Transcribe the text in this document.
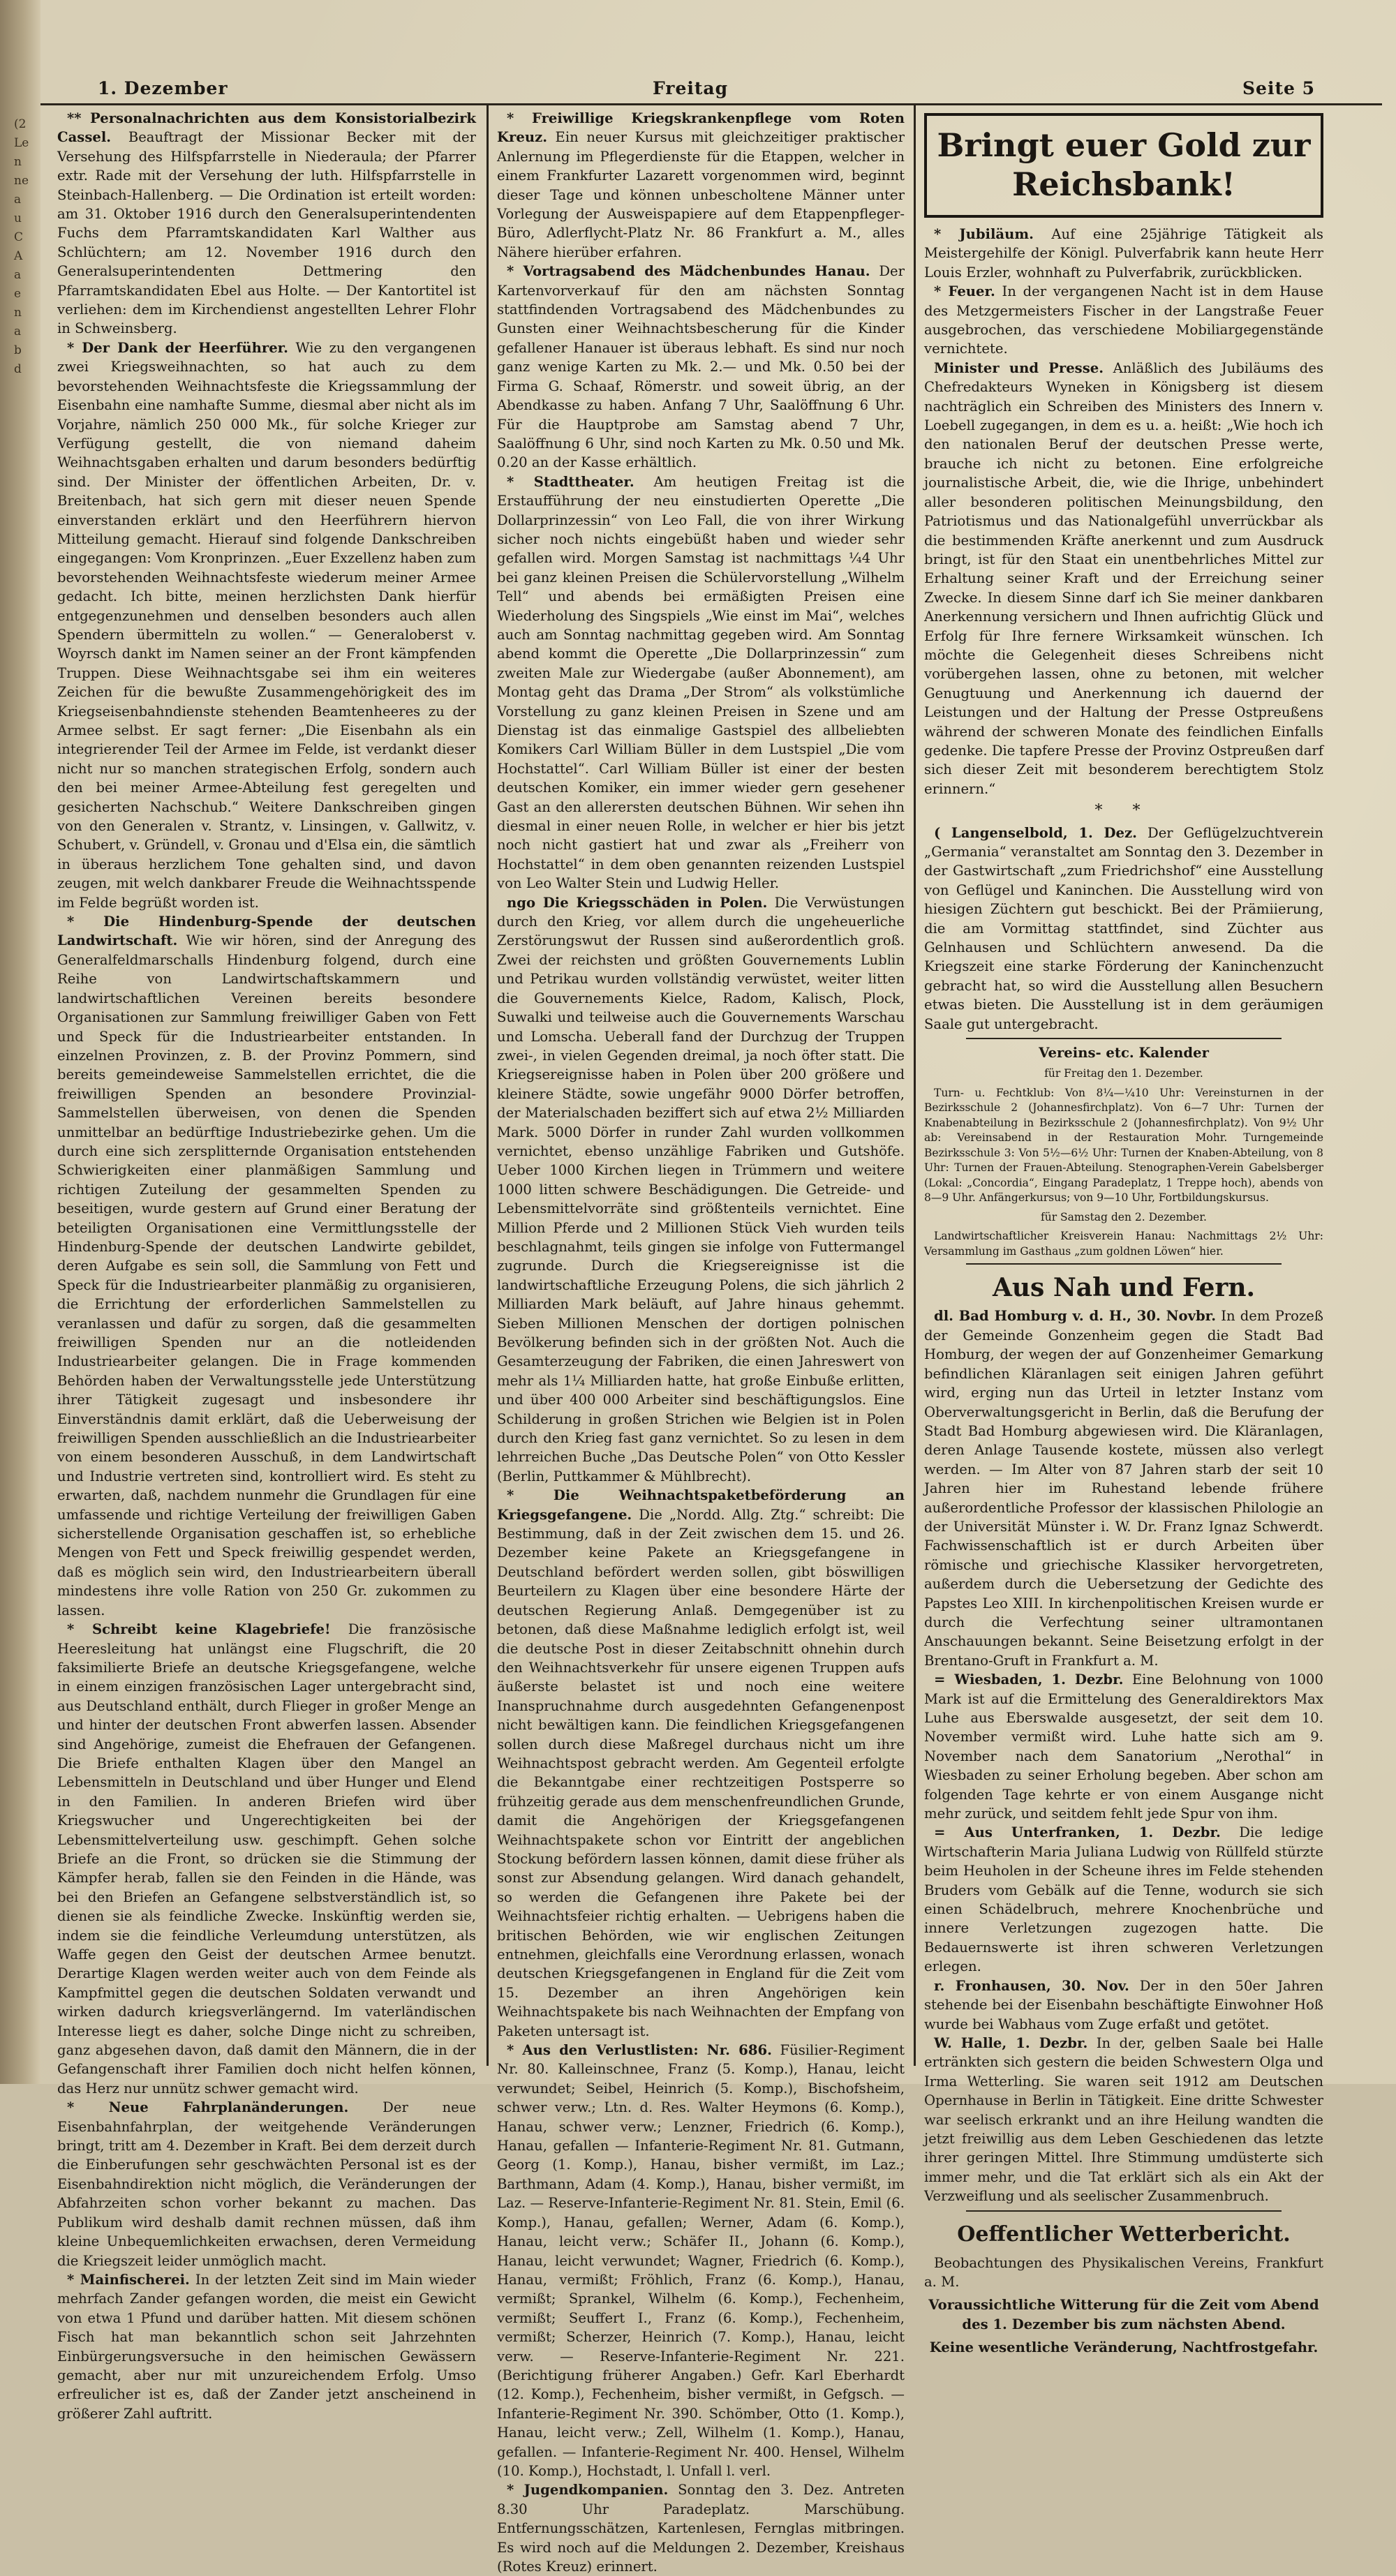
1. Dezember	Freitag	Seite 5

** Personalnachrichten aus dem Konsistorialbezirk Cassel. Beauftragt der Missionar Becker mit der Versehung des Hilfspfarrstelle in Niederaula; der Pfarrer extr. Rade mit der Versehung der luth. Hilfspfarrstelle in Steinbach-Hallenberg. — Die Ordination ist erteilt worden: am 31. Oktober 1916 durch den Generalsuperintendenten Fuchs dem Pfarramtskandidaten Karl Walther aus Schlüchtern; am 12. November 1916 durch den Generalsuperintendenten Dettmering den Pfarramtskandidaten Ebel aus Holte. — Der Kantortitel ist verliehen: dem im Kirchendienst angestellten Lehrer Flohr in Schweinsberg.

* Der Dank der Heerführer. Wie zu den vergangenen zwei Kriegsweihnachten, so hat auch zu dem bevorstehenden Weihnachtsfeste die Kriegssammlung der Eisenbahn eine namhafte Summe, diesmal aber nicht als im Vorjahre, nämlich 250 000 Mk., für solche Krieger zur Verfügung gestellt, die von niemand daheim Weihnachtsgaben erhalten und darum besonders bedürftig sind. Der Minister der öffentlichen Arbeiten, Dr. v. Breitenbach, hat sich gern mit dieser neuen Spende einverstanden erklärt und den Heerführern hiervon Mitteilung gemacht. Hierauf sind folgende Dankschreiben eingegangen: Vom Kronprinzen. „Euer Exzellenz haben zum bevorstehenden Weihnachtsfeste wiederum meiner Armee gedacht. Ich bitte, meinen herzlichsten Dank hierfür entgegenzunehmen und denselben besonders auch allen Spendern übermitteln zu wollen.“ — Generaloberst v. Woyrsch dankt im Namen seiner an der Front kämpfenden Truppen. Diese Weihnachtsgabe sei ihm ein weiteres Zeichen für die bewußte Zusammengehörigkeit des im Kriegseisenbahndienste stehenden Beamtenheeres zu der Armee selbst. Er sagt ferner: „Die Eisenbahn als ein integrierender Teil der Armee im Felde, ist verdankt dieser nicht nur so manchen strategischen Erfolg, sondern auch den bei meiner Armee-Abteilung fest geregelten und gesicherten Nachschub.“ Weitere Dankschreiben gingen von den Generalen v. Strantz, v. Linsingen, v. Gallwitz, v. Schubert, v. Gründell, v. Gronau und d'Elsa ein, die sämtlich in überaus herzlichem Tone gehalten sind, und davon zeugen, mit welch dankbarer Freude die Weihnachtsspende im Felde begrüßt worden ist.

* Die Hindenburg-Spende der deutschen Landwirtschaft. Wie wir hören, sind der Anregung des Generalfeldmarschalls Hindenburg folgend, durch eine Reihe von Landwirtschaftskammern und landwirtschaftlichen Vereinen bereits besondere Organisationen zur Sammlung freiwilliger Gaben von Fett und Speck für die Industriearbeiter entstanden. In einzelnen Provinzen, z. B. der Provinz Pommern, sind bereits gemeindeweise Sammelstellen errichtet, die die freiwilligen Spenden an besondere Provinzial-Sammelstellen überweisen, von denen die Spenden unmittelbar an bedürftige Industriebezirke gehen. Um die durch eine sich zersplitternde Organisation entstehenden Schwierigkeiten einer planmäßigen Sammlung und richtigen Zuteilung der gesammelten Spenden zu beseitigen, wurde gestern auf Grund einer Beratung der beteiligten Organisationen eine Vermittlungsstelle der Hindenburg-Spende der deutschen Landwirte gebildet, deren Aufgabe es sein soll, die Sammlung von Fett und Speck für die Industriearbeiter planmäßig zu organisieren, die Errichtung der erforderlichen Sammelstellen zu veranlassen und dafür zu sorgen, daß die gesammelten freiwilligen Spenden nur an die notleidenden Industriearbeiter gelangen. Die in Frage kommenden Behörden haben der Verwaltungsstelle jede Unterstützung ihrer Tätigkeit zugesagt und insbesondere ihr Einverständnis damit erklärt, daß die Ueberweisung der freiwilligen Spenden ausschließlich an die Industriearbeiter von einem besonderen Ausschuß, in dem Landwirtschaft und Industrie vertreten sind, kontrolliert wird. Es steht zu erwarten, daß, nachdem nunmehr die Grundlagen für eine umfassende und richtige Verteilung der freiwilligen Gaben sicherstellende Organisation geschaffen ist, so erhebliche Mengen von Fett und Speck freiwillig gespendet werden, daß es möglich sein wird, den Industriearbeitern überall mindestens ihre volle Ration von 250 Gr. zukommen zu lassen.

* Schreibt keine Klagebriefe! Die französische Heeresleitung hat unlängst eine Flugschrift, die 20 faksimilierte Briefe an deutsche Kriegsgefangene, welche in einem einzigen französischen Lager untergebracht sind, aus Deutschland enthält, durch Flieger in großer Menge an und hinter der deutschen Front abwerfen lassen. Absender sind Angehörige, zumeist die Ehefrauen der Gefangenen. Die Briefe enthalten Klagen über den Mangel an Lebensmitteln in Deutschland und über Hunger und Elend in den Familien. In anderen Briefen wird über Kriegswucher und Ungerechtigkeiten bei der Lebensmittelverteilung usw. geschimpft. Gehen solche Briefe an die Front, so drücken sie die Stimmung der Kämpfer herab, fallen sie den Feinden in die Hände, was bei den Briefen an Gefangene selbstverständlich ist, so dienen sie als feindliche Zwecke. Inskünftig werden sie, indem sie die feindliche Verleumdung unterstützen, als Waffe gegen den Geist der deutschen Armee benutzt. Derartige Klagen werden weiter auch von dem Feinde als Kampfmittel gegen die deutschen Soldaten verwandt und wirken dadurch kriegsverlängernd. Im vaterländischen Interesse liegt es daher, solche Dinge nicht zu schreiben, ganz abgesehen davon, daß damit den Männern, die in der Gefangenschaft ihrer Familien doch nicht helfen können, das Herz nur unnütz schwer gemacht wird.

* Neue Fahrplanänderungen. Der neue Eisenbahnfahrplan, der weitgehende Veränderungen bringt, tritt am 4. Dezember in Kraft. Bei dem derzeit durch die Einberufungen sehr geschwächten Personal ist es der Eisenbahndirektion nicht möglich, die Veränderungen der Abfahrzeiten schon vorher bekannt zu machen. Das Publikum wird deshalb damit rechnen müssen, daß ihm kleine Unbequemlichkeiten erwachsen, deren Vermeidung die Kriegszeit leider unmöglich macht.

* Mainfischerei. In der letzten Zeit sind im Main wieder mehrfach Zander gefangen worden, die meist ein Gewicht von etwa 1 Pfund und darüber hatten. Mit diesem schönen Fisch hat man bekanntlich schon seit Jahrzehnten Einbürgerungsversuche in den heimischen Gewässern gemacht, aber nur mit unzureichendem Erfolg. Umso erfreulicher ist es, daß der Zander jetzt anscheinend in größerer Zahl auftritt.

* Freiwillige Kriegskrankenpflege vom Roten Kreuz. Ein neuer Kursus mit gleichzeitiger praktischer Anlernung im Pflegerdienste für die Etappen, welcher in einem Frankfurter Lazarett vorgenommen wird, beginnt dieser Tage und können unbescholtene Männer unter Vorlegung der Ausweispapiere auf dem Etappenpfleger-Büro, Adlerflycht-Platz Nr. 86 Frankfurt a. M., alles Nähere hierüber erfahren.

* Vortragsabend des Mädchenbundes Hanau. Der Kartenvorverkauf für den am nächsten Sonntag stattfindenden Vortragsabend des Mädchenbundes zu Gunsten einer Weihnachtsbescherung für die Kinder gefallener Hanauer ist überaus lebhaft. Es sind nur noch ganz wenige Karten zu Mk. 2.— und Mk. 0.50 bei der Firma G. Schaaf, Römerstr. und soweit übrig, an der Abendkasse zu haben. Anfang 7 Uhr, Saalöffnung 6 Uhr. Für die Hauptprobe am Samstag abend 7 Uhr, Saalöffnung 6 Uhr, sind noch Karten zu Mk. 0.50 und Mk. 0.20 an der Kasse erhältlich.

* Stadttheater. Am heutigen Freitag ist die Erstaufführung der neu einstudierten Operette „Die Dollarprinzessin“ von Leo Fall, die von ihrer Wirkung sicher noch nichts eingebüßt haben und wieder sehr gefallen wird. Morgen Samstag ist nachmittags ¼4 Uhr bei ganz kleinen Preisen die Schülervorstellung „Wilhelm Tell“ und abends bei ermäßigten Preisen eine Wiederholung des Singspiels „Wie einst im Mai“, welches auch am Sonntag nachmittag gegeben wird. Am Sonntag abend kommt die Operette „Die Dollarprinzessin“ zum zweiten Male zur Wiedergabe (außer Abonnement), am Montag geht das Drama „Der Strom“ als volkstümliche Vorstellung zu ganz kleinen Preisen in Szene und am Dienstag ist das einmalige Gastspiel des allbeliebten Komikers Carl William Büller in dem Lustspiel „Die vom Hochstattel“. Carl William Büller ist einer der besten deutschen Komiker, ein immer wieder gern gesehener Gast an den allerersten deutschen Bühnen. Wir sehen ihn diesmal in einer neuen Rolle, in welcher er hier bis jetzt noch nicht gastiert hat und zwar als „Freiherr von Hochstattel“ in dem oben genannten reizenden Lustspiel von Leo Walter Stein und Ludwig Heller.

ngo Die Kriegsschäden in Polen. Die Verwüstungen durch den Krieg, vor allem durch die ungeheuerliche Zerstörungswut der Russen sind außerordentlich groß. Zwei der reichsten und größten Gouvernements Lublin und Petrikau wurden vollständig verwüstet, weiter litten die Gouvernements Kielce, Radom, Kalisch, Plock, Suwalki und teilweise auch die Gouvernements Warschau und Lomscha. Ueberall fand der Durchzug der Truppen zwei-, in vielen Gegenden dreimal, ja noch öfter statt. Die Kriegsereignisse haben in Polen über 200 größere und kleinere Städte, sowie ungefähr 9000 Dörfer betroffen, der Materialschaden beziffert sich auf etwa 2½ Milliarden Mark. 5000 Dörfer in runder Zahl wurden vollkommen vernichtet, ebenso unzählige Fabriken und Gutshöfe. Ueber 1000 Kirchen liegen in Trümmern und weitere 1000 litten schwere Beschädigungen. Die Getreide- und Lebensmittelvorräte sind größtenteils vernichtet. Eine Million Pferde und 2 Millionen Stück Vieh wurden teils beschlagnahmt, teils gingen sie infolge von Futtermangel zugrunde. Durch die Kriegsereignisse ist die landwirtschaftliche Erzeugung Polens, die sich jährlich 2 Milliarden Mark beläuft, auf Jahre hinaus gehemmt. Sieben Millionen Menschen der dortigen polnischen Bevölkerung befinden sich in der größten Not. Auch die Gesamterzeugung der Fabriken, die einen Jahreswert von mehr als 1¼ Milliarden hatte, hat große Einbuße erlitten, und über 400 000 Arbeiter sind beschäftigungslos. Eine Schilderung in großen Strichen wie Belgien ist in Polen durch den Krieg fast ganz vernichtet. So zu lesen in dem lehrreichen Buche „Das Deutsche Polen“ von Otto Kessler (Berlin, Puttkammer & Mühlbrecht).

* Die Weihnachtspaketbeförderung an Kriegsgefangene. Die „Nordd. Allg. Ztg.“ schreibt: Die Bestimmung, daß in der Zeit zwischen dem 15. und 26. Dezember keine Pakete an Kriegsgefangene in Deutschland befördert werden sollen, gibt böswilligen Beurteilern zu Klagen über eine besondere Härte der deutschen Regierung Anlaß. Demgegenüber ist zu betonen, daß diese Maßnahme lediglich erfolgt ist, weil die deutsche Post in dieser Zeitabschnitt ohnehin durch den Weihnachtsverkehr für unsere eigenen Truppen aufs äußerste belastet ist und noch eine weitere Inanspruchnahme durch ausgedehnten Gefangenenpost nicht bewältigen kann. Die feindlichen Kriegsgefangenen sollen durch diese Maßregel durchaus nicht um ihre Weihnachtspost gebracht werden. Am Gegenteil erfolgte die Bekanntgabe einer rechtzeitigen Postsperre so frühzeitig gerade aus dem menschenfreundlichen Grunde, damit die Angehörigen der Kriegsgefangenen Weihnachtspakete schon vor Eintritt der angeblichen Stockung befördern lassen können, damit diese früher als sonst zur Absendung gelangen. Wird danach gehandelt, so werden die Gefangenen ihre Pakete bei der Weihnachtsfeier richtig erhalten. — Uebrigens haben die britischen Behörden, wie wir englischen Zeitungen entnehmen, gleichfalls eine Verordnung erlassen, wonach deutschen Kriegsgefangenen in England für die Zeit vom 15. Dezember an ihren Angehörigen kein Weihnachtspakete bis nach Weihnachten der Empfang von Paketen untersagt ist.

* Aus den Verlustlisten: Nr. 686. Füsilier-Regiment Nr. 80. Kalleinschnee, Franz (5. Komp.), Hanau, leicht verwundet; Seibel, Heinrich (5. Komp.), Bischofsheim, schwer verw.; Ltn. d. Res. Walter Heymons (6. Komp.), Hanau, schwer verw.; Lenzner, Friedrich (6. Komp.), Hanau, gefallen — Infanterie-Regiment Nr. 81. Gutmann, Georg (1. Komp.), Hanau, bisher vermißt, im Laz.; Barthmann, Adam (4. Komp.), Hanau, bisher vermißt, im Laz. — Reserve-Infanterie-Regiment Nr. 81. Stein, Emil (6. Komp.), Hanau, gefallen; Werner, Adam (6. Komp.), Hanau, leicht verw.; Schäfer II., Johann (6. Komp.), Hanau, leicht verwundet; Wagner, Friedrich (6. Komp.), Hanau, vermißt; Fröhlich, Franz (6. Komp.), Hanau, vermißt; Sprankel, Wilhelm (6. Komp.), Fechenheim, vermißt; Seuffert I., Franz (6. Komp.), Fechenheim, vermißt; Scherzer, Heinrich (7. Komp.), Hanau, leicht verw. — Reserve-Infanterie-Regiment Nr. 221. (Berichtigung früherer Angaben.) Gefr. Karl Eberhardt (12. Komp.), Fechenheim, bisher vermißt, in Gefgsch. — Infanterie-Regiment Nr. 390. Schömber, Otto (1. Komp.), Hanau, leicht verw.; Zell, Wilhelm (1. Komp.), Hanau, gefallen. — Infanterie-Regiment Nr. 400. Hensel, Wilhelm (10. Komp.), Hochstadt, l. Unfall l. verl.

* Jugendkompanien. Sonntag den 3. Dez. Antreten 8.30 Uhr Paradeplatz. Marschübung. Entfernungsschätzen, Kartenlesen, Fernglas mitbringen. Es wird noch auf die Meldungen 2. Dezember, Kreishaus (Rotes Kreuz) erinnert.

Bringt euer Gold zur Reichsbank!

* Jubiläum. Auf eine 25jährige Tätigkeit als Meistergehilfe der Königl. Pulverfabrik kann heute Herr Louis Erzler, wohnhaft zu Pulverfabrik, zurückblicken.

* Feuer. In der vergangenen Nacht ist in dem Hause des Metzgermeisters Fischer in der Langstraße Feuer ausgebrochen, das verschiedene Mobiliargegenstände vernichtete.

Minister und Presse. Anläßlich des Jubiläums des Chefredakteurs Wyneken in Königsberg ist diesem nachträglich ein Schreiben des Ministers des Innern v. Loebell zugegangen, in dem es u. a. heißt: „Wie hoch ich den nationalen Beruf der deutschen Presse werte, brauche ich nicht zu betonen. Eine erfolgreiche journalistische Arbeit, die, wie die Ihrige, unbehindert aller besonderen politischen Meinungsbildung, den Patriotismus und das Nationalgefühl unverrückbar als die bestimmenden Kräfte anerkennt und zum Ausdruck bringt, ist für den Staat ein unentbehrliches Mittel zur Erhaltung seiner Kraft und der Erreichung seiner Zwecke. In diesem Sinne darf ich Sie meiner dankbaren Anerkennung versichern und Ihnen aufrichtig Glück und Erfolg für Ihre fernere Wirksamkeit wünschen. Ich möchte die Gelegenheit dieses Schreibens nicht vorübergehen lassen, ohne zu betonen, mit welcher Genugtuung und Anerkennung ich dauernd der Leistungen und der Haltung der Presse Ostpreußens während der schweren Monate des feindlichen Einfalls gedenke. Die tapfere Presse der Provinz Ostpreußen darf sich dieser Zeit mit besonderem berechtigtem Stolz erinnern.“

* *

( Langenselbold, 1. Dez. Der Geflügelzuchtverein „Germania“ veranstaltet am Sonntag den 3. Dezember in der Gastwirtschaft „zum Friedrichshof“ eine Ausstellung von Geflügel und Kaninchen. Die Ausstellung wird von hiesigen Züchtern gut beschickt. Bei der Prämiierung, die am Vormittag stattfindet, sind Züchter aus Gelnhausen und Schlüchtern anwesend. Da die Kriegszeit eine starke Förderung der Kaninchenzucht gebracht hat, so wird die Ausstellung allen Besuchern etwas bieten. Die Ausstellung ist in dem geräumigen Saale gut untergebracht.

Vereins- etc. Kalender
für Freitag den 1. Dezember.

Turn- u. Fechtklub: Von 8¼—¼10 Uhr: Vereinsturnen in der Bezirksschule 2 (Johannesfirchplatz). Von 6—7 Uhr: Turnen der Knabenabteilung in Bezirksschule 2 (Johannesfirchplatz). Von 9½ Uhr ab: Vereinsabend in der Restauration Mohr. Turngemeinde Bezirksschule 3: Von 5½—6½ Uhr: Turnen der Knaben-Abteilung, von 8 Uhr: Turnen der Frauen-Abteilung. Stenographen-Verein Gabelsberger (Lokal: „Concordia“, Eingang Paradeplatz, 1 Treppe hoch), abends von 8—9 Uhr. Anfängerkursus; von 9—10 Uhr, Fortbildungskursus.

für Samstag den 2. Dezember.

Landwirtschaftlicher Kreisverein Hanau: Nachmittags 2½ Uhr: Versammlung im Gasthaus „zum goldnen Löwen“ hier.

Aus Nah und Fern.

dl. Bad Homburg v. d. H., 30. Novbr. In dem Prozeß der Gemeinde Gonzenheim gegen die Stadt Bad Homburg, der wegen der auf Gonzenheimer Gemarkung befindlichen Kläranlagen seit einigen Jahren geführt wird, erging nun das Urteil in letzter Instanz vom Oberverwaltungsgericht in Berlin, daß die Berufung der Stadt Bad Homburg abgewiesen wird. Die Kläranlagen, deren Anlage Tausende kostete, müssen also verlegt werden. — Im Alter von 87 Jahren starb der seit 10 Jahren hier im Ruhestand lebende frühere außerordentliche Professor der klassischen Philologie an der Universität Münster i. W. Dr. Franz Ignaz Schwerdt. Fachwissenschaftlich ist er durch Arbeiten über römische und griechische Klassiker hervorgetreten, außerdem durch die Uebersetzung der Gedichte des Papstes Leo XIII. In kirchenpolitischen Kreisen wurde er durch die Verfechtung seiner ultramontanen Anschauungen bekannt. Seine Beisetzung erfolgt in der Brentano-Gruft in Frankfurt a. M.

= Wiesbaden, 1. Dezbr. Eine Belohnung von 1000 Mark ist auf die Ermittelung des Generaldirektors Max Luhe aus Eberswalde ausgesetzt, der seit dem 10. November vermißt wird. Luhe hatte sich am 9. November nach dem Sanatorium „Nerothal“ in Wiesbaden zu seiner Erholung begeben. Aber schon am folgenden Tage kehrte er von einem Ausgange nicht mehr zurück, und seitdem fehlt jede Spur von ihm.

= Aus Unterfranken, 1. Dezbr. Die ledige Wirtschafterin Maria Juliana Ludwig von Rüllfeld stürzte beim Heuholen in der Scheune ihres im Felde stehenden Bruders vom Gebälk auf die Tenne, wodurch sie sich einen Schädelbruch, mehrere Knochenbrüche und innere Verletzungen zugezogen hatte. Die Bedauernswerte ist ihren schweren Verletzungen erlegen.

r. Fronhausen, 30. Nov. Der in den 50er Jahren stehende bei der Eisenbahn beschäftigte Einwohner Hoß wurde bei Wabhaus vom Zuge erfaßt und getötet.

W. Halle, 1. Dezbr. In der, gelben Saale bei Halle ertränkten sich gestern die beiden Schwestern Olga und Irma Wetterling. Sie waren seit 1912 am Deutschen Opernhause in Berlin in Tätigkeit. Eine dritte Schwester war seelisch erkrankt und an ihre Heilung wandten die jetzt freiwillig aus dem Leben Geschiedenen das letzte ihrer geringen Mittel. Ihre Stimmung umdüsterte sich immer mehr, und die Tat erklärt sich als ein Akt der Verzweiflung und als seelischer Zusammenbruch.

Oeffentlicher Wetterbericht.

Beobachtungen des Physikalischen Vereins, Frankfurt a. M.

Voraussichtliche Witterung für die Zeit vom Abend des 1. Dezember bis zum nächsten Abend.
Keine wesentliche Veränderung, Nachtfrostgefahr.
(2
Le
n
ne
a
u
C
A
a
e
n
a
b
d
